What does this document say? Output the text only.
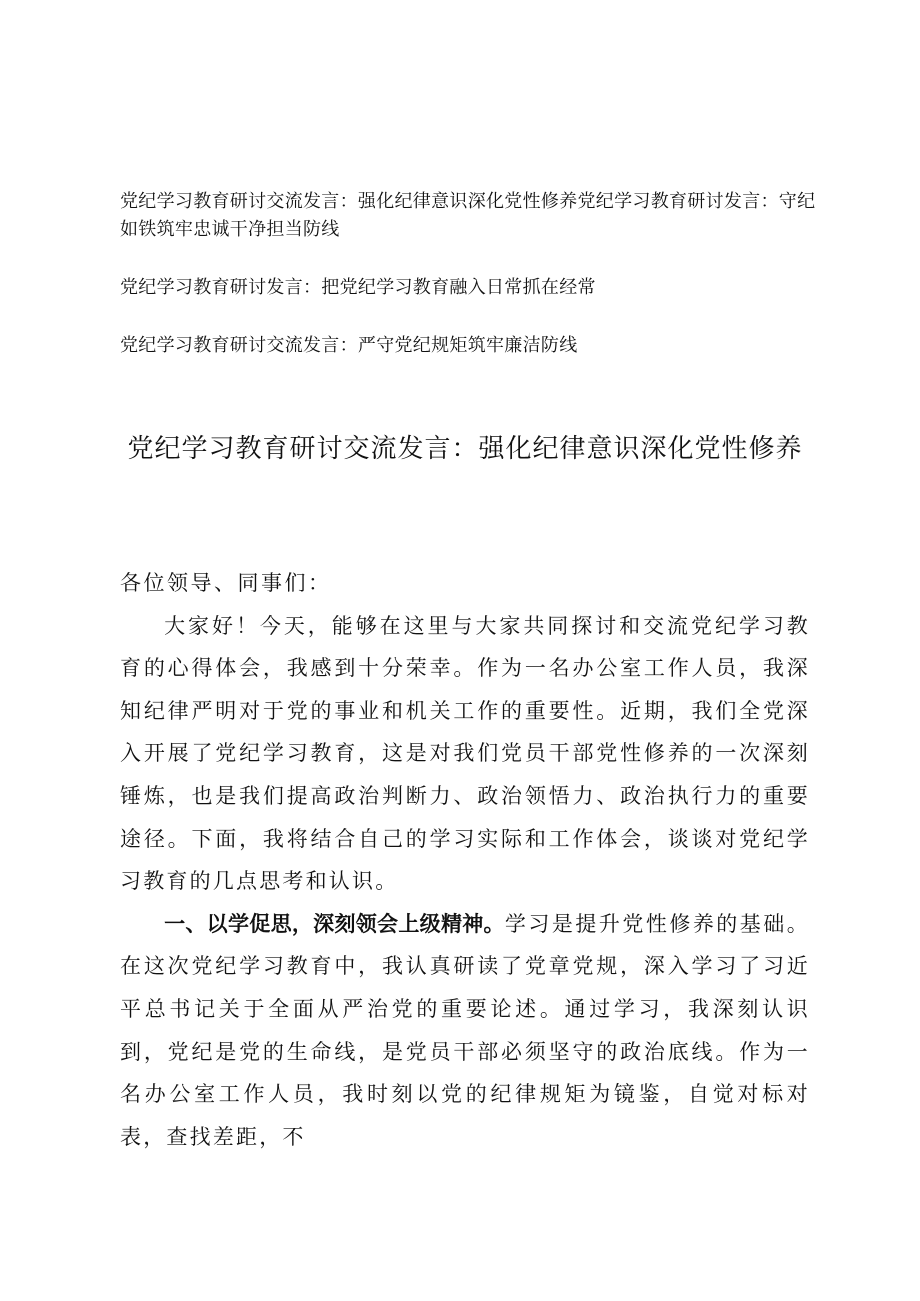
党纪学习教育研讨交流发言：强化纪律意识深化党性修养党纪学习教育研讨发言：守纪如铁筑牢忠诚干净担当防线
党纪学习教育研讨发言：把党纪学习教育融入日常抓在经常
党纪学习教育研讨交流发言：严守党纪规矩筑牢廉洁防线
党纪学习教育研讨交流发言：强化纪律意识深化党性修养

各位领导、同事们：

大家好！今天，能够在这里与大家共同探讨和交流党纪学习教育的心得体会，我感到十分荣幸。作为一名办公室工作人员，我深知纪律严明对于党的事业和机关工作的重要性。近期，我们全党深入开展了党纪学习教育，这是对我们党员干部党性修养的一次深刻锤炼，也是我们提高政治判断力、政治领悟力、政治执行力的重要途径。下面，我将结合自己的学习实际和工作体会，谈谈对党纪学习教育的几点思考和认识。

一、以学促思，深刻领会上级精神。学习是提升党性修养的基础。在这次党纪学习教育中，我认真研读了党章党规，深入学习了习近平总书记关于全面从严治党的重要论述。通过学习，我深刻认识到，党纪是党的生命线，是党员干部必须坚守的政治底线。作为一名办公室工作人员，我时刻以党的纪律规矩为镜鉴，自觉对标对表，查找差距，不
